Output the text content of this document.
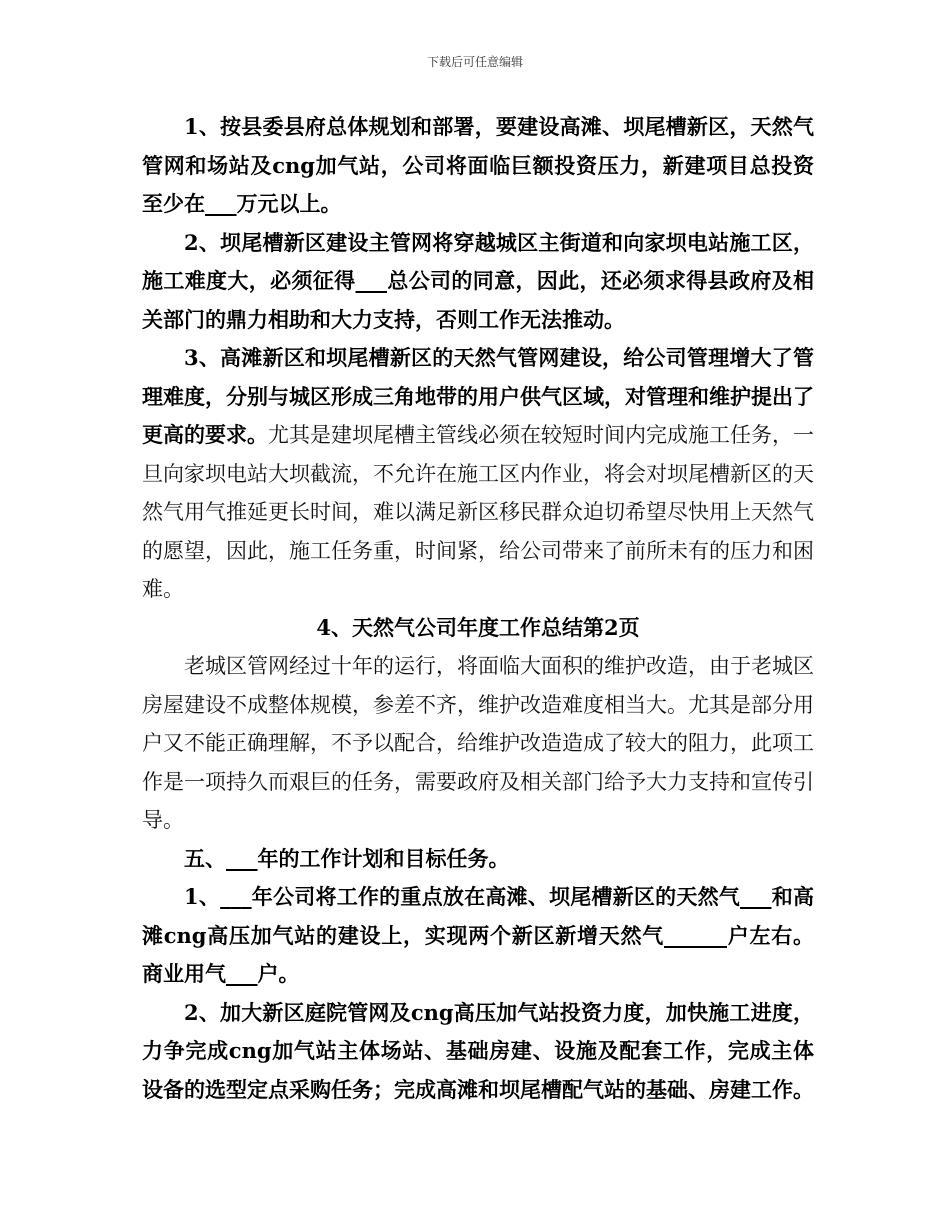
下载后可任意编辑

1、按县委县府总体规划和部署，要建设高滩、坝尾槽新区，天然气管网和场站及cng加气站，公司将面临巨额投资压力，新建项目总投资至少在___万元以上。

2、坝尾槽新区建设主管网将穿越城区主街道和向家坝电站施工区，施工难度大，必须征得___总公司的同意，因此，还必须求得县政府及相关部门的鼎力相助和大力支持，否则工作无法推动。

3、高滩新区和坝尾槽新区的天然气管网建设，给公司管理增大了管理难度，分别与城区形成三角地带的用户供气区域，对管理和维护提出了更高的要求。尤其是建坝尾槽主管线必须在较短时间内完成施工任务，一旦向家坝电站大坝截流，不允许在施工区内作业，将会对坝尾槽新区的天然气用气推延更长时间，难以满足新区移民群众迫切希望尽快用上天然气的愿望，因此，施工任务重，时间紧，给公司带来了前所未有的压力和困难。

4、天然气公司年度工作总结第2页

老城区管网经过十年的运行，将面临大面积的维护改造，由于老城区房屋建设不成整体规模，参差不齐，维护改造难度相当大。尤其是部分用户又不能正确理解，不予以配合，给维护改造造成了较大的阻力，此项工作是一项持久而艰巨的任务，需要政府及相关部门给予大力支持和宣传引导。

五、___年的工作计划和目标任务。

1、___年公司将工作的重点放在高滩、坝尾槽新区的天然气___和高滩cng高压加气站的建设上，实现两个新区新增天然气______户左右。商业用气___户。

2、加大新区庭院管网及cng高压加气站投资力度，加快施工进度，力争完成cng加气站主体场站、基础房建、设施及配套工作，完成主体设备的选型定点采购任务；完成高滩和坝尾槽配气站的基础、房建工作。
